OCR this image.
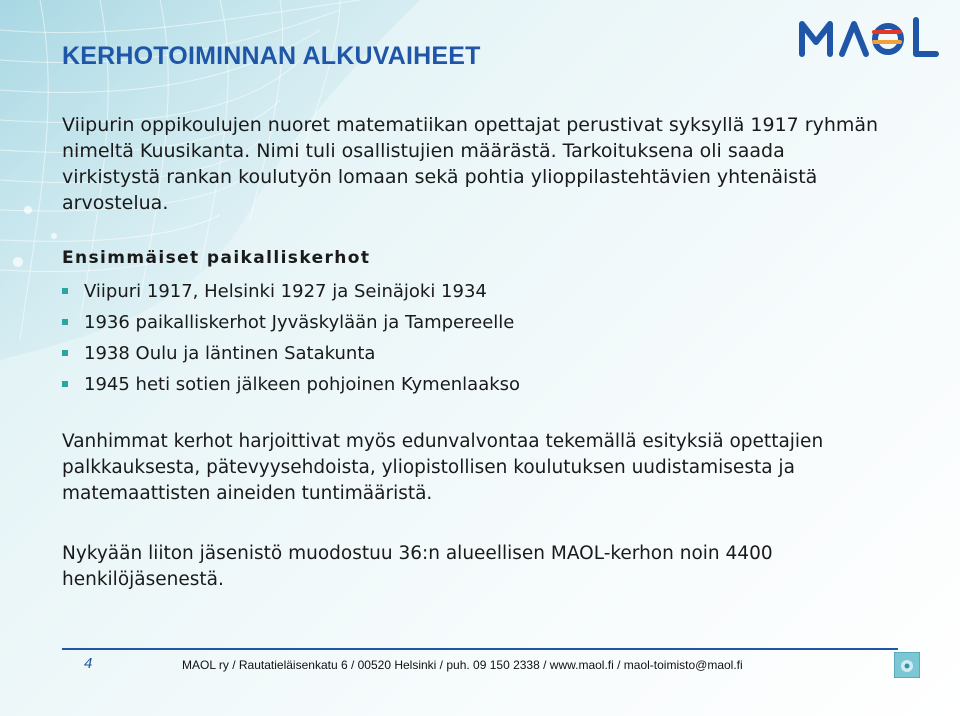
KERHOTOIMINNAN ALKUVAIHEET

Viipurin oppikoulujen nuoret matematiikan opettajat perustivat syksyllä 1917 ryhmän nimeltä Kuusikanta. Nimi tuli osallistujien määrästä. Tarkoituksena oli saada virkistystä rankan koulutyön lomaan sekä pohtia ylioppilastehtävien yhtenäistä arvostelua.

Ensimmäiset paikalliskerhot
Viipuri 1917, Helsinki 1927 ja Seinäjoki 1934
1936 paikalliskerhot Jyväskylään ja Tampereelle
1938 Oulu ja läntinen Satakunta
1945 heti sotien jälkeen pohjoinen Kymenlaakso

Vanhimmat kerhot harjoittivat myös edunvalvontaa tekemällä esityksiä opettajien palkkauksesta, pätevyysehdoista, yliopistollisen koulutuksen uudistamisesta ja matemaattisten aineiden tuntimääristä.

Nykyään liiton jäsenistö muodostuu 36:n alueellisen MAOL-kerhon noin 4400 henkilöjäsenestä.

4	MAOL ry / Rautatieläisenkatu 6 / 00520 Helsinki / puh. 09 150 2338 / www.maol.fi / maol-toimisto@maol.fi
